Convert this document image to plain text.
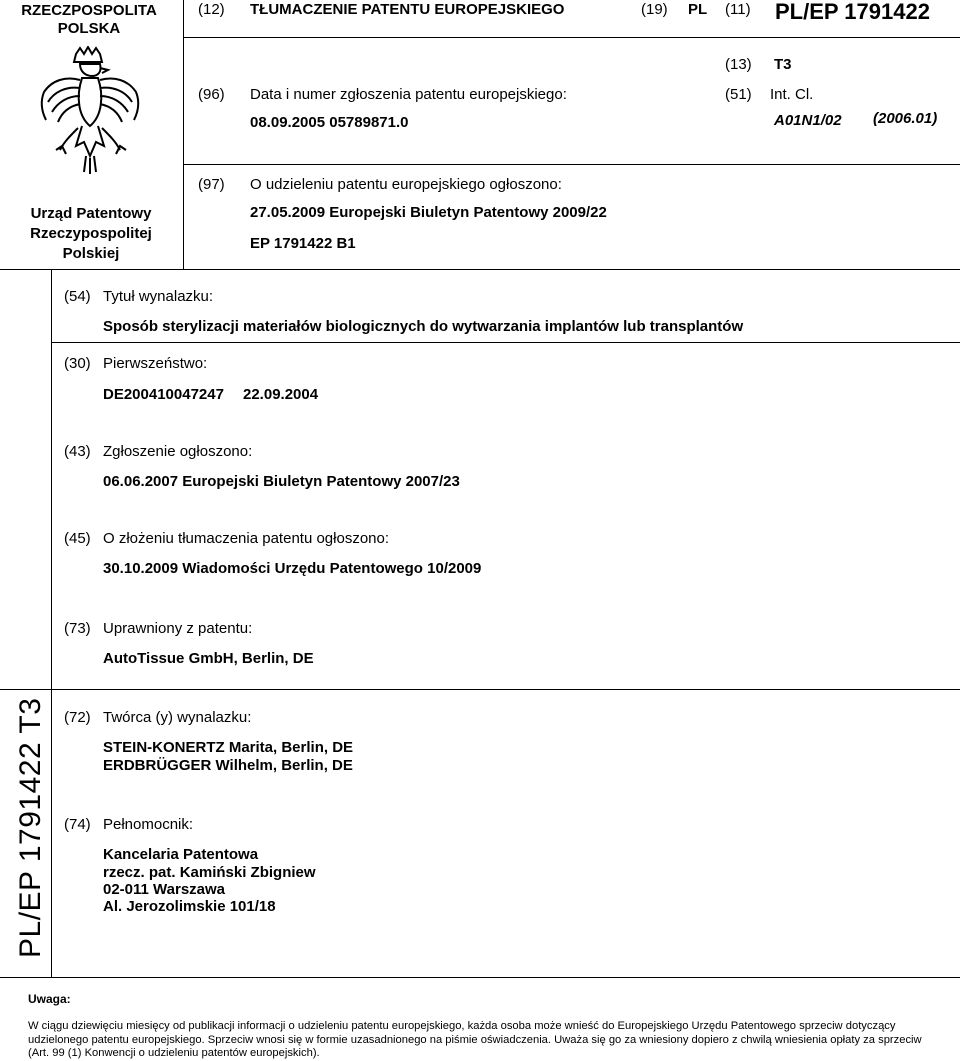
RZECZPOSPOLITA
POLSKA
(12) TŁUMACZENIE PATENTU EUROPEJSKIEGO	(19) PL (11) PL/EP 1791422
(13) T3
(96) Data i numer zgłoszenia patentu europejskiego:
08.09.2005 05789871.0
(51) Int. Cl.
A01N1/02 (2006.01)
(97) O udzieleniu patentu europejskiego ogłoszono:
27.05.2009 Europejski Biuletyn Patentowy 2009/22
EP 1791422 B1
Urząd Patentowy
Rzeczypospolitej
Polskiej
(54) Tytuł wynalazku:
Sposób sterylizacji materiałów biologicznych do wytwarzania implantów lub transplantów
(30) Pierwszeństwo:
DE200410047247 22.09.2004
(43) Zgłoszenie ogłoszono:
06.06.2007 Europejski Biuletyn Patentowy 2007/23
(45) O złożeniu tłumaczenia patentu ogłoszono:
30.10.2009 Wiadomości Urzędu Patentowego 10/2009
(73) Uprawniony z patentu:
AutoTissue GmbH, Berlin, DE
(72) Twórca (y) wynalazku:
STEIN-KONERTZ Marita, Berlin, DE
ERDBRÜGGER Wilhelm, Berlin, DE
(74) Pełnomocnik:
Kancelaria Patentowa
rzecz. pat. Kamiński Zbigniew
02-011 Warszawa
Al. Jerozolimskie 101/18
PL/EP 1791422 T3
Uwaga:
W ciągu dziewięciu miesięcy od publikacji informacji o udzieleniu patentu europejskiego, każda osoba może wnieść do Europejskiego Urzędu Patentowego sprzeciw dotyczący udzielonego patentu europejskiego. Sprzeciw wnosi się w formie uzasadnionego na piśmie oświadczenia. Uważa się go za wniesiony dopiero z chwilą wniesienia opłaty za sprzeciw (Art. 99 (1) Konwencji o udzieleniu patentów europejskich).
